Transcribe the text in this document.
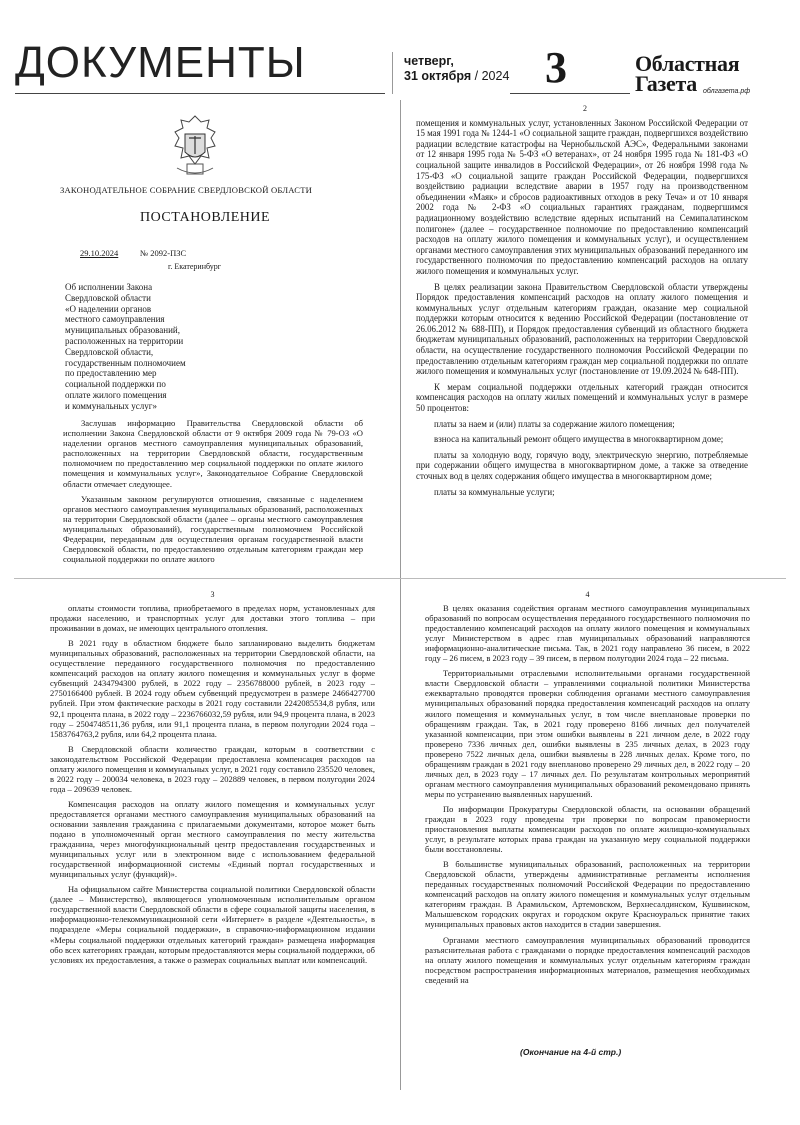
ДОКУМЕНТЫ	четверг,
31 октября / 2024 3	Областная
Газета облгазета.рф
ЗАКОНОДАТЕЛЬНОЕ СОБРАНИЕ СВЕРДЛОВСКОЙ ОБЛАСТИ
ПОСТАНОВЛЕНИЕ
29.10.2024	№ 2092-ПЗС
г. Екатеринбург
Об исполнении Закона
Свердловской области
«О наделении органов
местного самоуправления
муниципальных образований,
расположенных на территории
Свердловской области,
государственным полномочием
по предоставлению мер
социальной поддержки по
оплате жилого помещения
и коммунальных услуг»

Заслушав информацию Правительства Свердловской области об исполнении Закона Свердловской области от 9 октября 2009 года № 79-ОЗ «О наделении органов местного самоуправления муниципальных образований, расположенных на территории Свердловской области, государственным полномочием по предоставлению мер социальной поддержки по оплате жилого помещения и коммунальных услуг», Законодательное Собрание Свердловской области отмечает следующее.

Указанным законом регулируются отношения, связанные с наделением органов местного самоуправления муниципальных образований, расположенных на территории Свердловской области (далее – органы местного самоуправления муниципальных образований), государственным полномочием Российской Федерации, переданным для осуществления органам государственной власти Свердловской области, по предоставлению отдельным категориям граждан мер социальной поддержки по оплате жилого

2

помещения и коммунальных услуг, установленных Законом Российской Федерации от 15 мая 1991 года № 1244-1 «О социальной защите граждан, подвергшихся воздействию радиации вследствие катастрофы на Чернобыльской АЭС», Федеральными законами от 12 января 1995 года № 5-ФЗ «О ветеранах», от 24 ноября 1995 года № 181-ФЗ «О социальной защите инвалидов в Российской Федерации», от 26 ноября 1998 года № 175-ФЗ «О социальной защите граждан Российской Федерации, подвергшихся воздействию радиации вследствие аварии в 1957 году на производственном объединении «Маяк» и сбросов радиоактивных отходов в реку Теча» и от 10 января 2002 года № 2-ФЗ «О социальных гарантиях гражданам, подвергшимся радиационному воздействию вследствие ядерных испытаний на Семипалатинском полигоне» (далее – государственное полномочие по предоставлению компенсаций расходов на оплату жилого помещения и коммунальных услуг), и осуществлением органами местного самоуправления этих муниципальных образований переданного им государственного полномочия по предоставлению компенсаций расходов на оплату жилого помещения и коммунальных услуг.

В целях реализации закона Правительством Свердловской области утверждены Порядок предоставления компенсаций расходов на оплату жилого помещения и коммунальных услуг отдельным категориям граждан, оказание мер социальной поддержки которым относится к ведению Российской Федерации (постановление от 26.06.2012 № 688-ПП), и Порядок предоставления субвенций из областного бюджета бюджетам муниципальных образований, расположенных на территории Свердловской области, на осуществление государственного полномочия Российской Федерации по предоставлению отдельным категориям граждан мер социальной поддержки по оплате жилого помещения и коммунальных услуг (постановление от 19.09.2024 № 648-ПП).

К мерам социальной поддержки отдельных категорий граждан относится компенсация расходов на оплату жилых помещений и коммунальных услуг в размере 50 процентов:

платы за наем и (или) платы за содержание жилого помещения;

взноса на капитальный ремонт общего имущества в многоквартирном доме;

платы за холодную воду, горячую воду, электрическую энергию, потребляемые при содержании общего имущества в многоквартирном доме, а также за отведение сточных вод в целях содержания общего имущества в многоквартирном доме;

платы за коммунальные услуги;

3

оплаты стоимости топлива, приобретаемого в пределах норм, установленных для продажи населению, и транспортных услуг для доставки этого топлива – при проживании в домах, не имеющих центрального отопления.

В 2021 году в областном бюджете было запланировано выделить бюджетам муниципальных образований, расположенных на территории Свердловской области, на осуществление переданного государственного полномочия по предоставлению компенсаций расходов на оплату жилого помещения и коммунальных услуг в форме субвенций 2434794300 рублей, в 2022 году – 2356788000 рублей, в 2023 году – 2750166400 рублей. В 2024 году объем субвенций предусмотрен в размере 2466427700 рублей. При этом фактические расходы в 2021 году составили 2242085534,8 рубля, или 92,1 процента плана, в 2022 году – 2236766032,59 рубля, или 94,9 процента плана, в 2023 году – 2504748511,36 рубля, или 91,1 процента плана, в первом полугодии 2024 года – 1583764763,2 рубля, или 64,2 процента плана.

В Свердловской области количество граждан, которым в соответствии с законодательством Российской Федерации предоставлена компенсация расходов на оплату жилого помещения и коммунальных услуг, в 2021 году составило 235520 человек, в 2022 году – 200034 человека, в 2023 году – 202889 человек, в первом полугодии 2024 года – 209639 человек.

Компенсация расходов на оплату жилого помещения и коммунальных услуг предоставляется органами местного самоуправления муниципальных образований на основании заявления гражданина с прилагаемыми документами, которое может быть подано в уполномоченный орган местного самоуправления по месту жительства гражданина, через многофункциональный центр предоставления государственных и муниципальных услуг или в электронном виде с использованием федеральной государственной информационной системы «Единый портал государственных и муниципальных услуг (функций)».

На официальном сайте Министерства социальной политики Свердловской области (далее – Министерство), являющегося уполномоченным исполнительным органом государственной власти Свердловской области в сфере социальной защиты населения, в информационно-телекоммуникационной сети «Интернет» в разделе «Деятельность», в подразделе «Меры социальной поддержки», в справочно-информационном издании «Меры социальной поддержки отдельных категорий граждан» размещена информация обо всех категориях граждан, которым предоставляются меры социальной поддержки, об условиях их предоставления, а также о размерах социальных выплат или компенсаций.

4

В целях оказания содействия органам местного самоуправления муниципальных образований по вопросам осуществления переданного государственного полномочия по предоставлению компенсаций расходов на оплату жилого помещения и коммунальных услуг Министерством в адрес глав муниципальных образований направляются информационно-аналитические письма. Так, в 2021 году направлено 36 писем, в 2022 году – 26 писем, в 2023 году – 39 писем, в первом полугодии 2024 года – 22 письма.

Территориальными отраслевыми исполнительными органами государственной власти Свердловской области – управлениями социальной политики Министерства ежеквартально проводятся проверки соблюдения органами местного самоуправления муниципальных образований порядка предоставления компенсаций расходов на оплату жилого помещения и коммунальных услуг, в том числе внеплановые проверки по обращениям граждан. Так, в 2021 году проверено 8166 личных дел получателей указанной компенсации, при этом ошибки выявлены в 221 личном деле, в 2022 году проверено 7336 личных дел, ошибки выявлены в 235 личных делах, в 2023 году проверено 7522 личных дела, ошибки выявлены в 228 личных делах. Кроме того, по обращениям граждан в 2021 году внепланово проверено 29 личных дел, в 2022 году – 20 личных дел, в 2023 году – 17 личных дел. По результатам контрольных мероприятий органам местного самоуправления муниципальных образований рекомендовано принять меры по устранению выявленных нарушений.

По информации Прокуратуры Свердловской области, на основании обращений граждан в 2023 году проведены три проверки по вопросам правомерности приостановления выплаты компенсации расходов по оплате жилищно-коммунальных услуг, в результате которых права граждан на указанную меру социальной поддержки были восстановлены.

В большинстве муниципальных образований, расположенных на территории Свердловской области, утверждены административные регламенты исполнения переданных государственных полномочий Российской Федерации по предоставлению компенсаций расходов на оплату жилого помещения и коммунальных услуг отдельным категориям граждан. В Арамильском, Артемовском, Верхнесалдинском, Кушвинском, Малышевском городских округах и городском округе Красноуральск принятие таких муниципальных правовых актов находится в стадии завершения.

Органами местного самоуправления муниципальных образований проводится разъяснительная работа с гражданами о порядке предоставления компенсаций расходов на оплату жилого помещения и коммунальных услуг отдельным категориям граждан посредством распространения информационных материалов, размещения необходимых сведений на

(Окончание на 4-й стр.)
